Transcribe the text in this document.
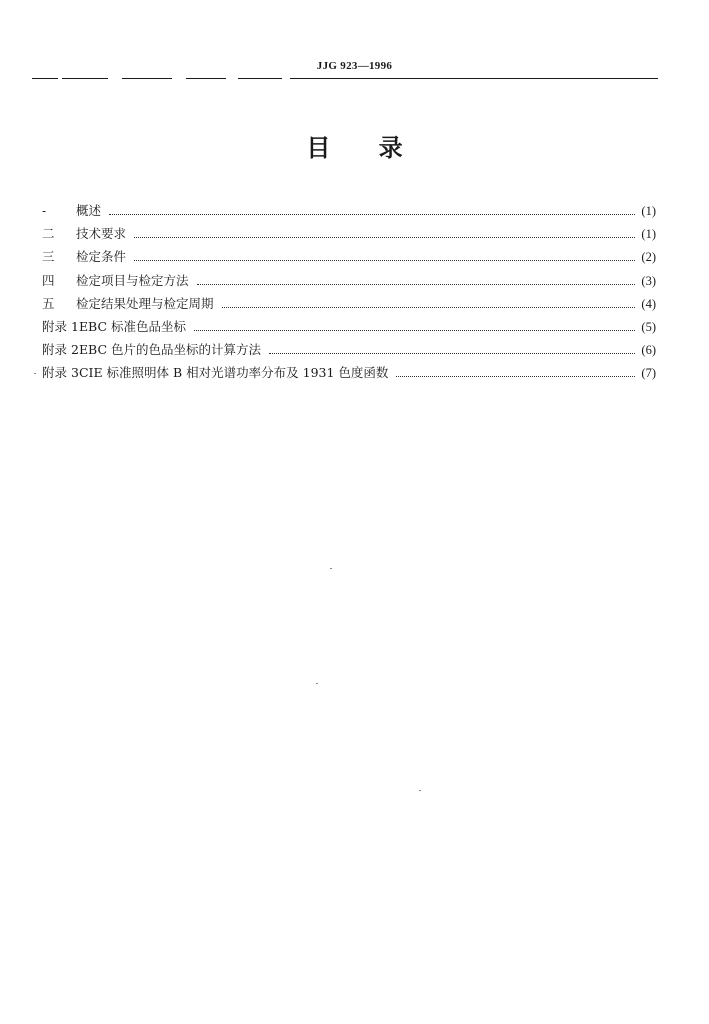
JJG 923—1996
目 录
-	概述	(1)
二	技术要求	(1)
三	检定条件	(2)
四	检定项目与检定方法	(3)
五	检定结果处理与检定周期	(4)
附录 1 EBC 标准色品坐标	(5)
附录 2 EBC 色片的色品坐标的计算方法	(6)
附录 3 CIE 标准照明体 B 相对光谱功率分布及 1931 色度函数	(7)
